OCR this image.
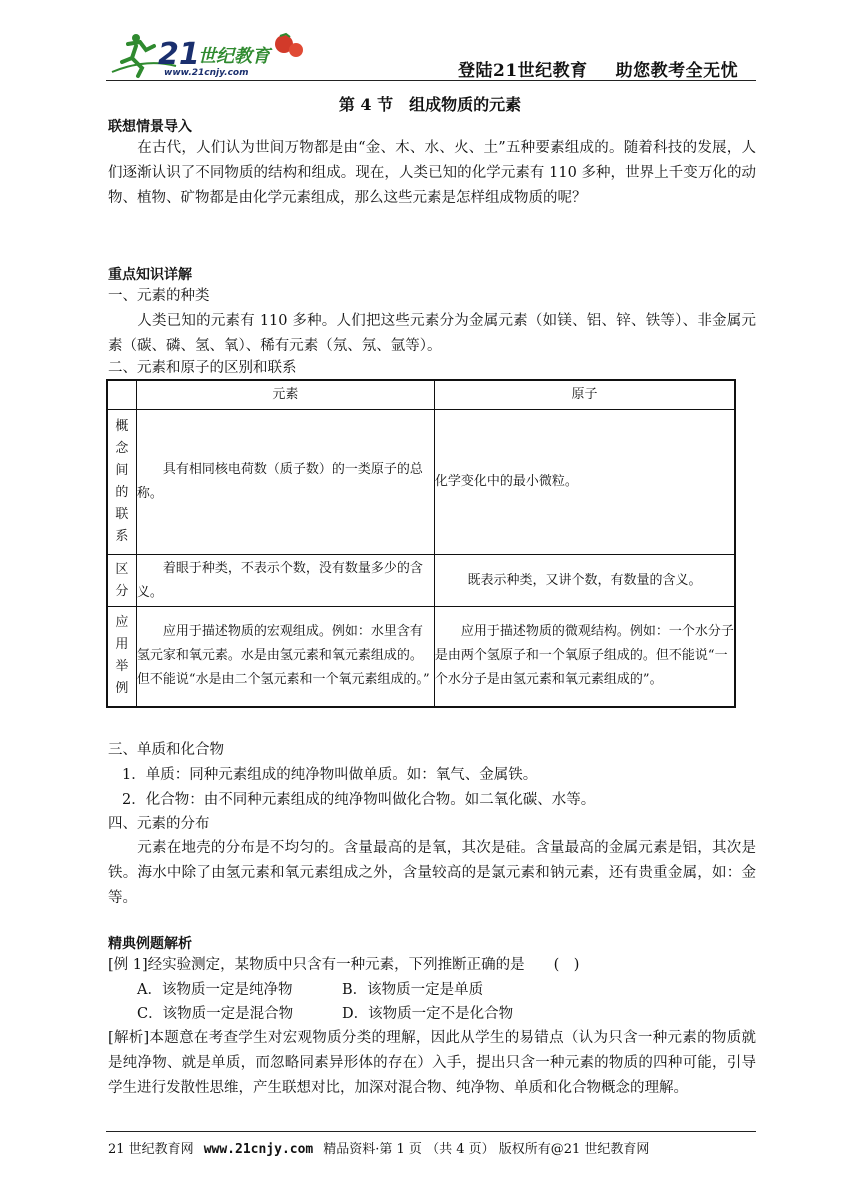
21
世纪教育
www.21cnjy.com	登陆21世纪教育 助您教考全无忧
第 4 节　组成物质的元素
联想情景导入
在古代，人们认为世间万物都是由“金、木、水、火、土”五种要素组成的。随着科技的发展，人们逐渐认识了不同物质的结构和组成。现在，人类已知的化学元素有 110 多种，世界上千变万化的动物、植物、矿物都是由化学元素组成，那么这些元素是怎样组成物质的呢？
重点知识详解
一、元素的种类
人类已知的元素有 110 多种。人们把这些元素分为金属元素（如镁、铝、锌、铁等）、非金属元素（碳、磷、氢、氧）、稀有元素（氖、氖、氩等）。
二、元素和原子的区别和联系
	元素	原子

概念间的联系	具有相同核电荷数（质子数）的一类原子的总称。	化学变化中的最小微粒。

区分	着眼于种类，不表示个数，没有数量多少的含义。	既表示种类，又讲个数，有数量的含义。

应用举例	应用于描述物质的宏观组成。例如：水里含有氢元家和氧元素。水是由氢元素和氧元素组成的。但不能说“水是由二个氢元素和一个氧元素组成的。”	应用于描述物质的微观结构。例如：一个水分子是由两个氢原子和一个氧原子组成的。但不能说“一个水分子是由氢元素和氧元素组成的”。
三、单质和化合物
1．单质：同种元素组成的纯净物叫做单质。如：氧气、金属铁。
2．化合物：由不同种元素组成的纯净物叫做化合物。如二氧化碳、水等。
四、元素的分布
元素在地壳的分布是不均匀的。含量最高的是氧，其次是硅。含量最高的金属元素是铝，其次是铁。海水中除了由氢元素和氧元素组成之外，含量较高的是氯元素和钠元素，还有贵重金属，如：金等。
精典例题解析
[例 1]经实验测定，某物质中只含有一种元素，下列推断正确的是　　(　)
A．该物质一定是纯净物	B．该物质一定是单质
C．该物质一定是混合物	D．该物质一定不是化合物
[解析]本题意在考查学生对宏观物质分类的理解，因此从学生的易错点（认为只含一种元素的物质就是纯净物、就是单质，而忽略同素异形体的存在）入手，提出只含一种元素的物质的四种可能，引导学生进行发散性思维，产生联想对比，加深对混合物、纯净物、单质和化合物概念的理解。
21 世纪教育网 www.21cnjy.com 精品资料·第 1 页 （共 4 页） 版权所有@21 世纪教育网
